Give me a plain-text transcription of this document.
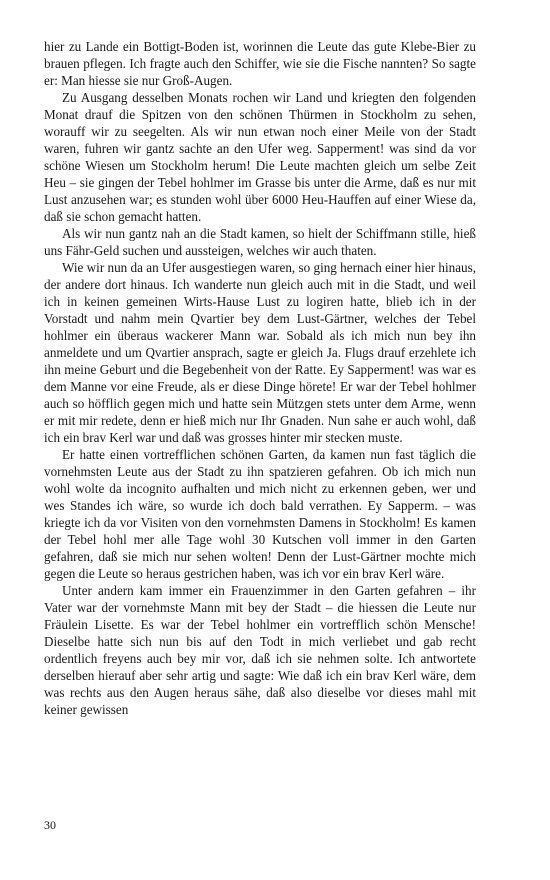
hier zu Lande ein Bottigt-Boden ist, worinnen die Leute das gute Klebe-Bier zu brauen pflegen. Ich fragte auch den Schiffer, wie sie die Fische nannten? So sagte er: Man hiesse sie nur Groß-Augen.

Zu Ausgang desselben Monats rochen wir Land und kriegten den folgenden Monat drauf die Spitzen von den schönen Thürmen in Stockholm zu sehen, worauff wir zu seegelten. Als wir nun etwan noch einer Meile von der Stadt waren, fuhren wir gantz sachte an den Ufer weg. Sapperment! was sind da vor schöne Wiesen um Stockholm herum! Die Leute machten gleich um selbe Zeit Heu – sie gingen der Tebel hohlmer im Grasse bis unter die Arme, daß es nur mit Lust anzusehen war; es stunden wohl über 6000 Heu-Hauffen auf einer Wiese da, daß sie schon gemacht hatten.

Als wir nun gantz nah an die Stadt kamen, so hielt der Schiffmann stille, hieß uns Fähr-Geld suchen und aussteigen, welches wir auch thaten.

Wie wir nun da an Ufer ausgestiegen waren, so ging hernach einer hier hinaus, der andere dort hinaus. Ich wanderte nun gleich auch mit in die Stadt, und weil ich in keinen gemeinen Wirts-Hause Lust zu logiren hatte, blieb ich in der Vorstadt und nahm mein Qvartier bey dem Lust-Gärtner, welches der Tebel hohlmer ein überaus wackerer Mann war. Sobald als ich mich nun bey ihn anmeldete und um Qvartier ansprach, sagte er gleich Ja. Flugs drauf erzehlete ich ihn meine Geburt und die Begebenheit von der Ratte. Ey Sapperment! was war es dem Manne vor eine Freude, als er diese Dinge hörete! Er war der Tebel hohlmer auch so höfflich gegen mich und hatte sein Mützgen stets unter dem Arme, wenn er mit mir redete, denn er hieß mich nur Ihr Gnaden. Nun sahe er auch wohl, daß ich ein brav Kerl war und daß was grosses hinter mir stecken muste.

Er hatte einen vortrefflichen schönen Garten, da kamen nun fast täglich die vornehmsten Leute aus der Stadt zu ihn spatzieren gefahren. Ob ich mich nun wohl wolte da incognito aufhalten und mich nicht zu erkennen geben, wer und wes Standes ich wäre, so wurde ich doch bald verrathen. Ey Sapperm. – was kriegte ich da vor Visiten von den vornehmsten Damens in Stockholm! Es kamen der Tebel hohl mer alle Tage wohl 30 Kutschen voll immer in den Garten gefahren, daß sie mich nur sehen wolten! Denn der Lust-Gärtner mochte mich gegen die Leute so heraus gestrichen haben, was ich vor ein brav Kerl wäre.

Unter andern kam immer ein Frauenzimmer in den Garten gefahren – ihr Vater war der vornehmste Mann mit bey der Stadt – die hiessen die Leute nur Fräulein Lisette. Es war der Tebel hohlmer ein vortrefflich schön Mensche! Dieselbe hatte sich nun bis auf den Todt in mich verliebet und gab recht ordentlich freyens auch bey mir vor, daß ich sie nehmen solte. Ich antwortete derselben hierauf aber sehr artig und sagte: Wie daß ich ein brav Kerl wäre, dem was rechts aus den Augen heraus sähe, daß also dieselbe vor dieses mahl mit keiner gewissen

30
